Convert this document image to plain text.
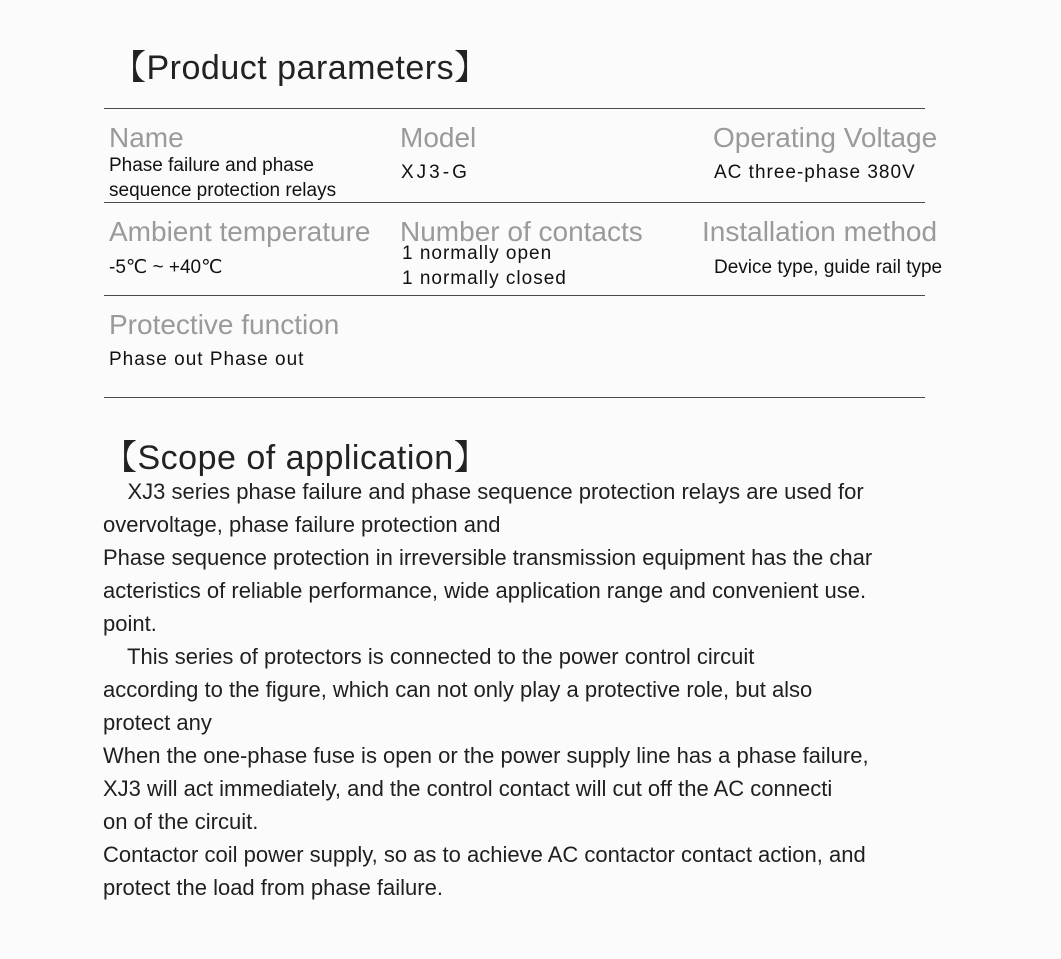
【Product parameters】
Name
Phase failure and phase
sequence protection relays
Model
XJ3-G
Operating Voltage
AC three-phase 380V
Ambient temperature
-5℃ ~ +40℃
Number of contacts
1 normally open
1 normally closed
Installation method
Device type, guide rail type
Protective function
Phase out Phase out
【Scope of application】

XJ3 series phase failure and phase sequence protection relays are used for

overvoltage, phase failure protection and

Phase sequence protection in irreversible transmission equipment has the char

acteristics of reliable performance, wide application range and convenient use.

point.

This series of protectors is connected to the power control circuit

according to the figure, which can not only play a protective role, but also

protect any

When the one-phase fuse is open or the power supply line has a phase failure,

XJ3 will act immediately, and the control contact will cut off the AC connecti

on of the circuit.

Contactor coil power supply, so as to achieve AC contactor contact action, and

protect the load from phase failure.
